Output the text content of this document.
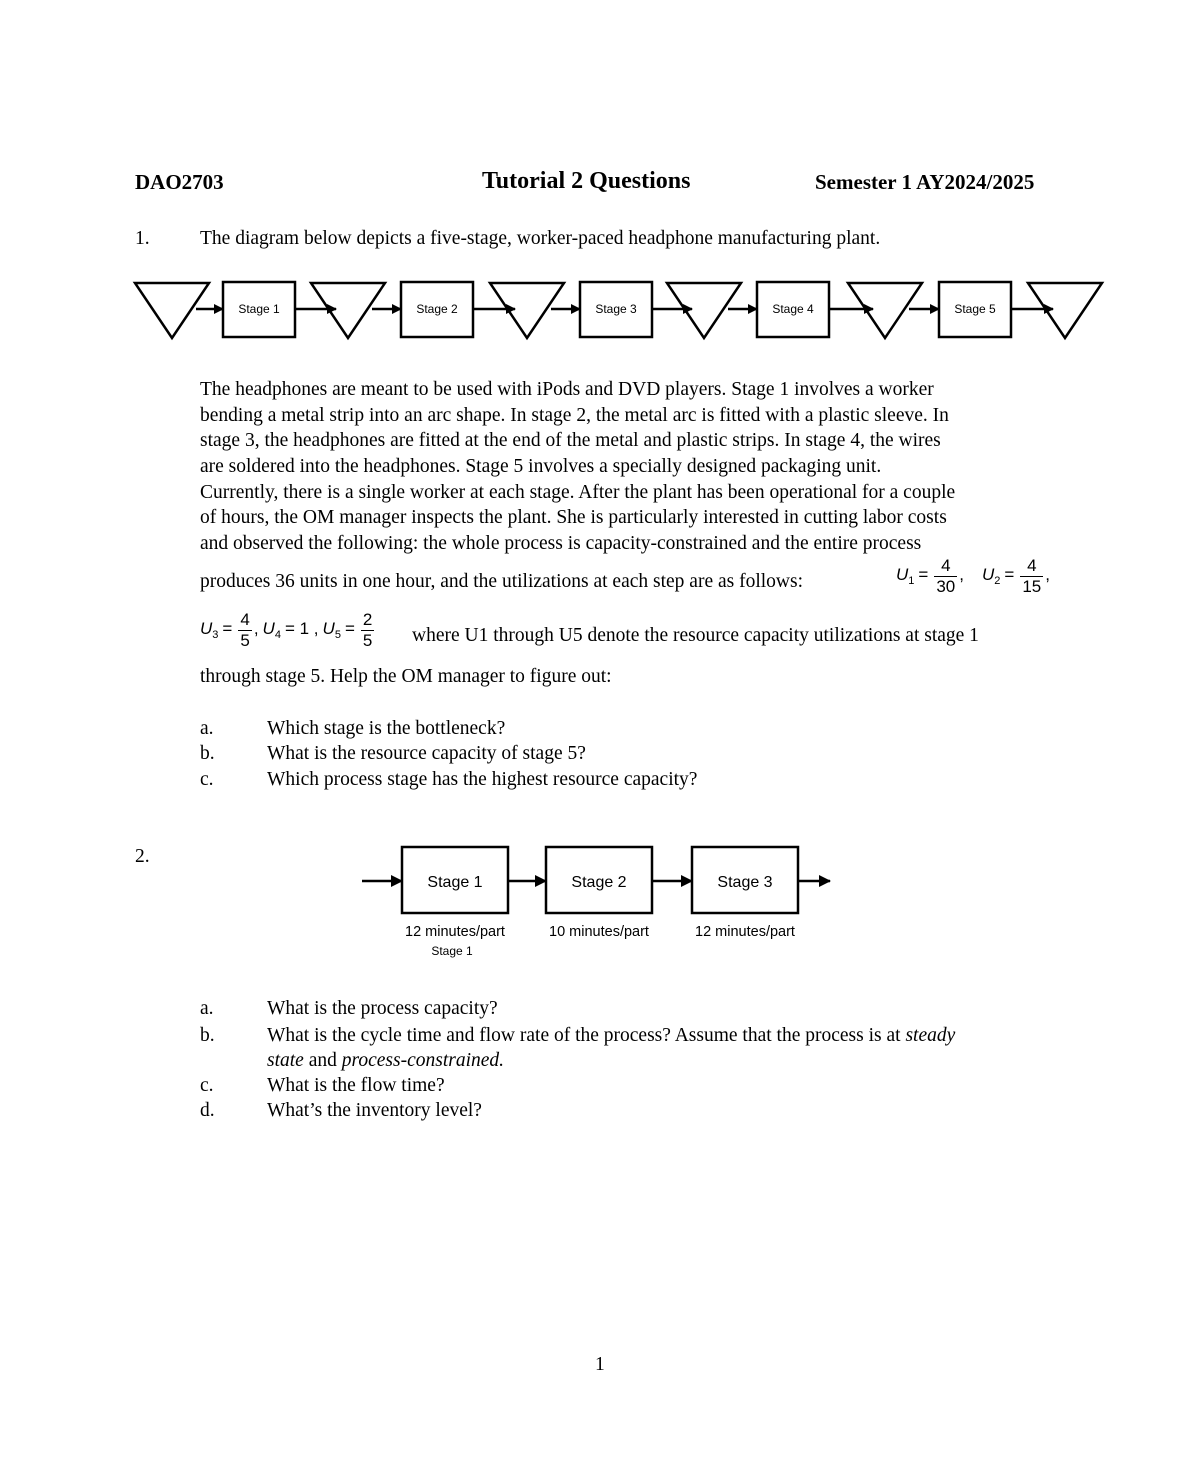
DAO2703	Tutorial 2 Questions	Semester 1 AY2024/2025
1.	The diagram below depicts a five-stage, worker-paced headphone manufacturing plant.
Stage 1	Stage 2	Stage 3	Stage 4	Stage 5
The headphones are meant to be used with iPods and DVD players. Stage 1 involves a worker
bending a metal strip into an arc shape. In stage 2, the metal arc is fitted with a plastic sleeve. In
stage 3, the headphones are fitted at the end of the metal and plastic strips. In stage 4, the wires
are soldered into the headphones. Stage 5 involves a specially designed packaging unit.
Currently, there is a single worker at each stage. After the plant has been operational for a couple
of hours, the OM manager inspects the plant. She is particularly interested in cutting labor costs
and observed the following: the whole process is capacity-constrained and the entire process
produces 36 units in one hour, and the utilizations at each step are as follows:	$U_1 = \frac{4}{30}$ , $U_2 = \frac{4}{15}$ ,
$U_3 = \frac{4}{5}$ , $U_4 = 1$ , $U_5 = \frac{2}{5}$ where U1 through U5 denote the resource capacity utilizations at stage 1
through stage 5. Help the OM manager to figure out:
a.	Which stage is the bottleneck?
b.	What is the resource capacity of stage 5?
c.	Which process stage has the highest resource capacity?
2.
Stage 1
12 minutes/part
Stage 2
10 minutes/part
Stage 3
12 minutes/part
Stage 1
a.	What is the process capacity?
b.	What is the cycle time and flow rate of the process? Assume that the process is at steady
state and process-constrained.
c.	What is the flow time?
d.	What’s the inventory level?
1
